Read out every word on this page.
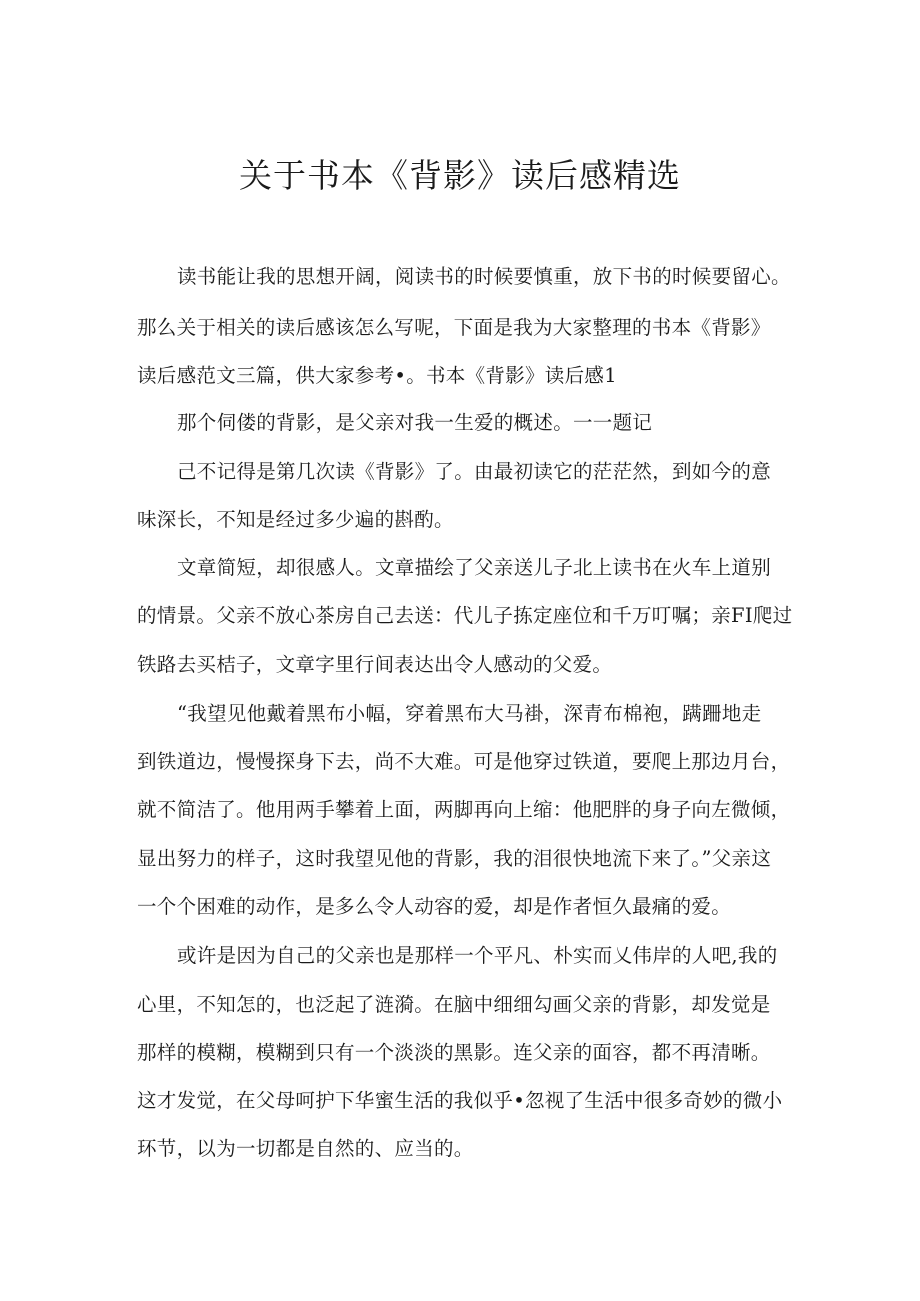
关于书本《背影》读后感精选
读书能让我的思想开阔，阅读书的时候要慎重，放下书的时候要留心。
那么关于相关的读后感该怎么写呢，下面是我为大家整理的书本《背影》
读后感范文三篇，供大家参考•。书本《背影》读后感1
那个伺偻的背影，是父亲对我一生爱的概述。一一题记
己不记得是第几次读《背影》了。由最初读它的茫茫然，到如今的意
味深长，不知是经过多少遍的斟酌。
文章简短，却很感人。文章描绘了父亲送儿子北上读书在火车上道别
的情景。父亲不放心茶房自己去送：代儿子拣定座位和千万叮嘱；亲FI爬过
铁路去买桔子，文章字里行间表达出令人感动的父爱。
“我望见他戴着黑布小幅，穿着黑布大马褂，深青布棉袍，蹒跚地走
到铁道边，慢慢探身下去，尚不大难。可是他穿过铁道，要爬上那边月台，
就不简洁了。他用两手攀着上面，两脚再向上缩：他肥胖的身子向左微倾，
显出努力的样子，这时我望见他的背影，我的泪很快地流下来了。”父亲这
一个个困难的动作，是多么令人动容的爱，却是作者恒久最痛的爱。
或许是因为自己的父亲也是那样一个平凡、朴实而乂伟岸的人吧,我的
心里，不知怎的，也泛起了涟漪。在脑中细细勾画父亲的背影，却发觉是
那样的模糊，模糊到只有一个淡淡的黑影。连父亲的面容，都不再清晰。
这才发觉，在父母呵护下华蜜生活的我似乎•忽视了生活中很多奇妙的微小
环节，以为一切都是自然的、应当的。
